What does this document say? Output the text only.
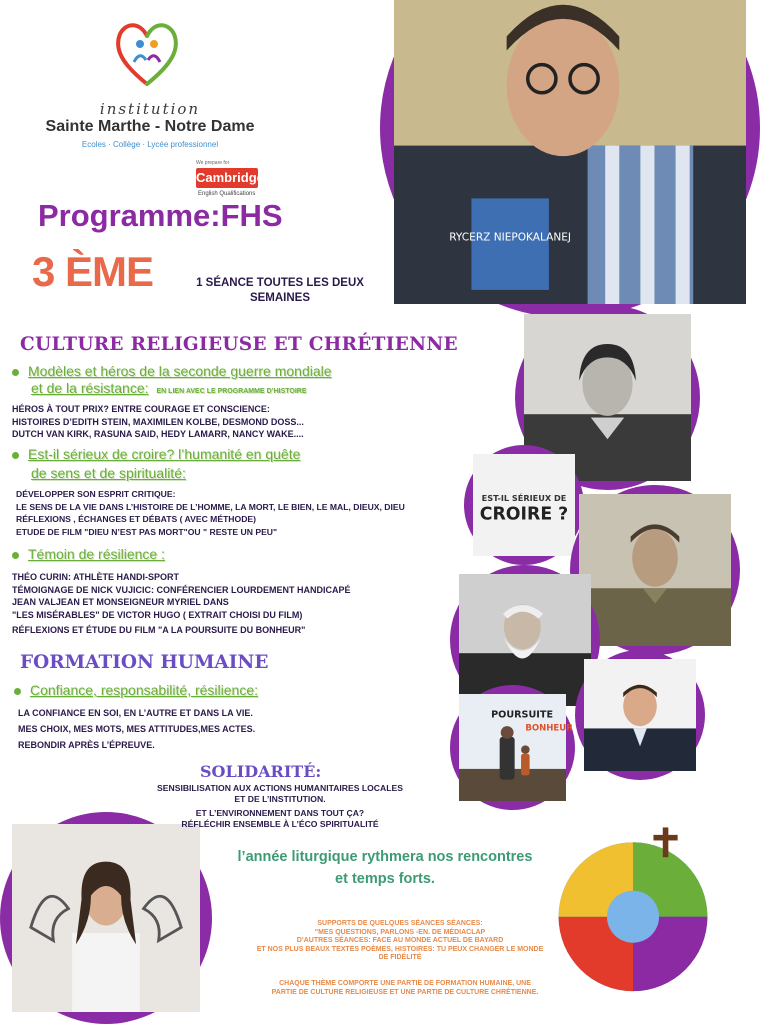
institution
Sainte Marthe - Notre Dame
Ecoles · Collège · Lycée professionnel
We prepare for
Cambridge
English Qualifications
Programme:FHS
3 ÈME	1 SÉANCE TOUTES LES DEUX SEMAINES
RYCERZ NIEPOKALANEJ
EST-IL SÉRIEUX DE
CROIRE ?
POURSUITE
BONHEUR
CULTURE RELIGIEUSE ET CHRÉTIENNE
Modèles et héros de la seconde guerre mondiale
et de la résistance: EN LIEN AVEC LE PROGRAMME D’HISTOIRE
HÉROS À TOUT PRIX? ENTRE COURAGE ET CONSCIENCE:
HISTOIRES D’EDITH STEIN, MAXIMILEN KOLBE, DESMOND DOSS...
DUTCH VAN KIRK, RASUNA SAID, HEDY LAMARR, NANCY WAKE....
Est-il sérieux de croire? l’humanité en quête
de sens et de spiritualité:
DÉVELOPPER SON ESPRIT CRITIQUE:
LE SENS DE LA VIE DANS L’HISTOIRE DE L’HOMME, LA MORT, LE BIEN, LE MAL, DIEUX, DIEU
RÉFLEXIONS , ÉCHANGES ET DÉBATS ( AVEC MÉTHODE)
ETUDE DE FILM "DIEU N’EST PAS MORT"OU " RESTE UN PEU"
Témoin de résilience :
THÉO CURIN: ATHLÈTE HANDI-SPORT
TÉMOIGNAGE DE NICK VUJICIC: CONFÉRENCIER LOURDEMENT HANDICAPÉ
JEAN VALJEAN ET MONSEIGNEUR MYRIEL DANS
"LES MISÉRABLES" DE VICTOR HUGO ( EXTRAIT CHOISI DU FILM)
RÉFLEXIONS ET ÉTUDE DU FILM "A LA POURSUITE DU BONHEUR"
FORMATION HUMAINE
Confiance, responsabilité, résilience:
LA CONFIANCE EN SOI, EN L’AUTRE ET DANS LA VIE.
MES CHOIX, MES MOTS, MES ATTITUDES,MES ACTES.
REBONDIR APRÈS L’ÉPREUVE.
SOLIDARITÉ:
SENSIBILISATION AUX ACTIONS HUMANITAIRES LOCALES
ET DE L’INSTITUTION.
ET L’ENVIRONNEMENT DANS TOUT ÇA?
RÉFLÉCHIR ENSEMBLE À L’ÉCO SPIRITUALITÉ
l’année liturgique rythmera nos rencontres
et temps forts.
SUPPORTS DE QUELQUES SÉANCES SÉANCES:
"MES QUESTIONS, PARLONS -EN. DE MÉDIACLAP
D’AUTRES SÉANCES: FACE AU MONDE ACTUEL DE BAYARD
ET NOS PLUS BEAUX TEXTES POÈMES, HISTOIRES: TU PEUX CHANGER LE MONDE
DE FIDÉLITÉ
CHAQUE THÈME COMPORTE UNE PARTIE DE FORMATION HUMAINE, UNE
PARTIE DE CULTURE RELIGIEUSE ET UNE PARTIE DE CULTURE CHRÉTIENNE.
